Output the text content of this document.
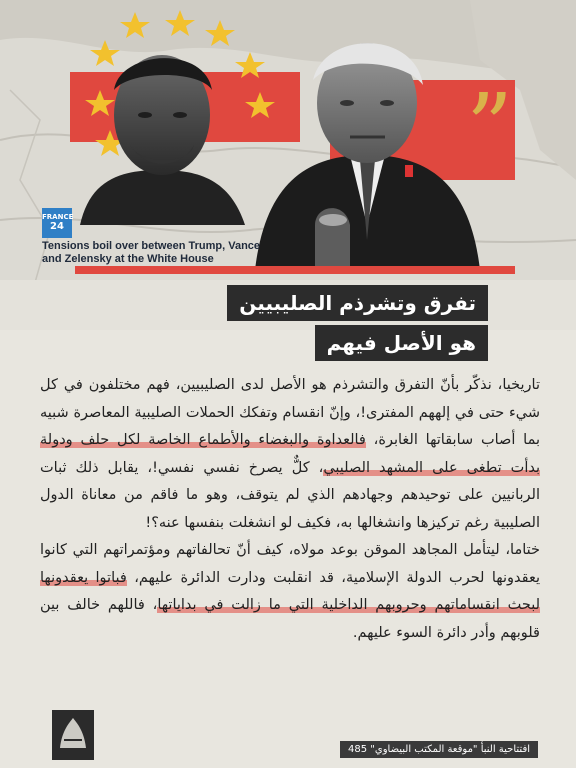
”
FRANCE
24
Tensions boil over between Trump, Vance and Zelensky at the White House
تفرق وتشرذم الصليبيين
هو الأصل فيهم

تاريخيا، نذكّر بأنّ التفرق والتشرذم هو الأصل لدى الصليبيين، فهم مختلفون في كل شيء حتى في إلههم المفترى!، وإنّ انقسام وتفكك الحملات الصليبية المعاصرة شبيه بما أصاب سابقاتها الغابرة، فالعداوة والبغضاء والأطماع الخاصة لكل حلف ودولة بدأت تطغى على المشهد الصليبي، كلٌّ يصرخ نفسي نفسي!، يقابل ذلك ثبات الربانيين على توحيدهم وجهادهم الذي لم يتوقف، وهو ما فاقم من معاناة الدول الصليبية رغم تركيزها وانشغالها به، فكيف لو انشغلت بنفسها عنه؟!

ختاما، ليتأمل المجاهد الموقن بوعد مولاه، كيف أنّ تحالفاتهم ومؤتمراتهم التي كانوا يعقدونها لحرب الدولة الإسلامية، قد انقلبت ودارت الدائرة عليهم، فباتوا يعقدونها لبحث انقساماتهم وحروبهم الداخلية التي ما زالت في بداياتها، فاللهم خالف بين قلوبهم وأدر دائرة السوء عليهم.

افتتاحية النبأ "موقعة المكتب البيضاوي" 485
